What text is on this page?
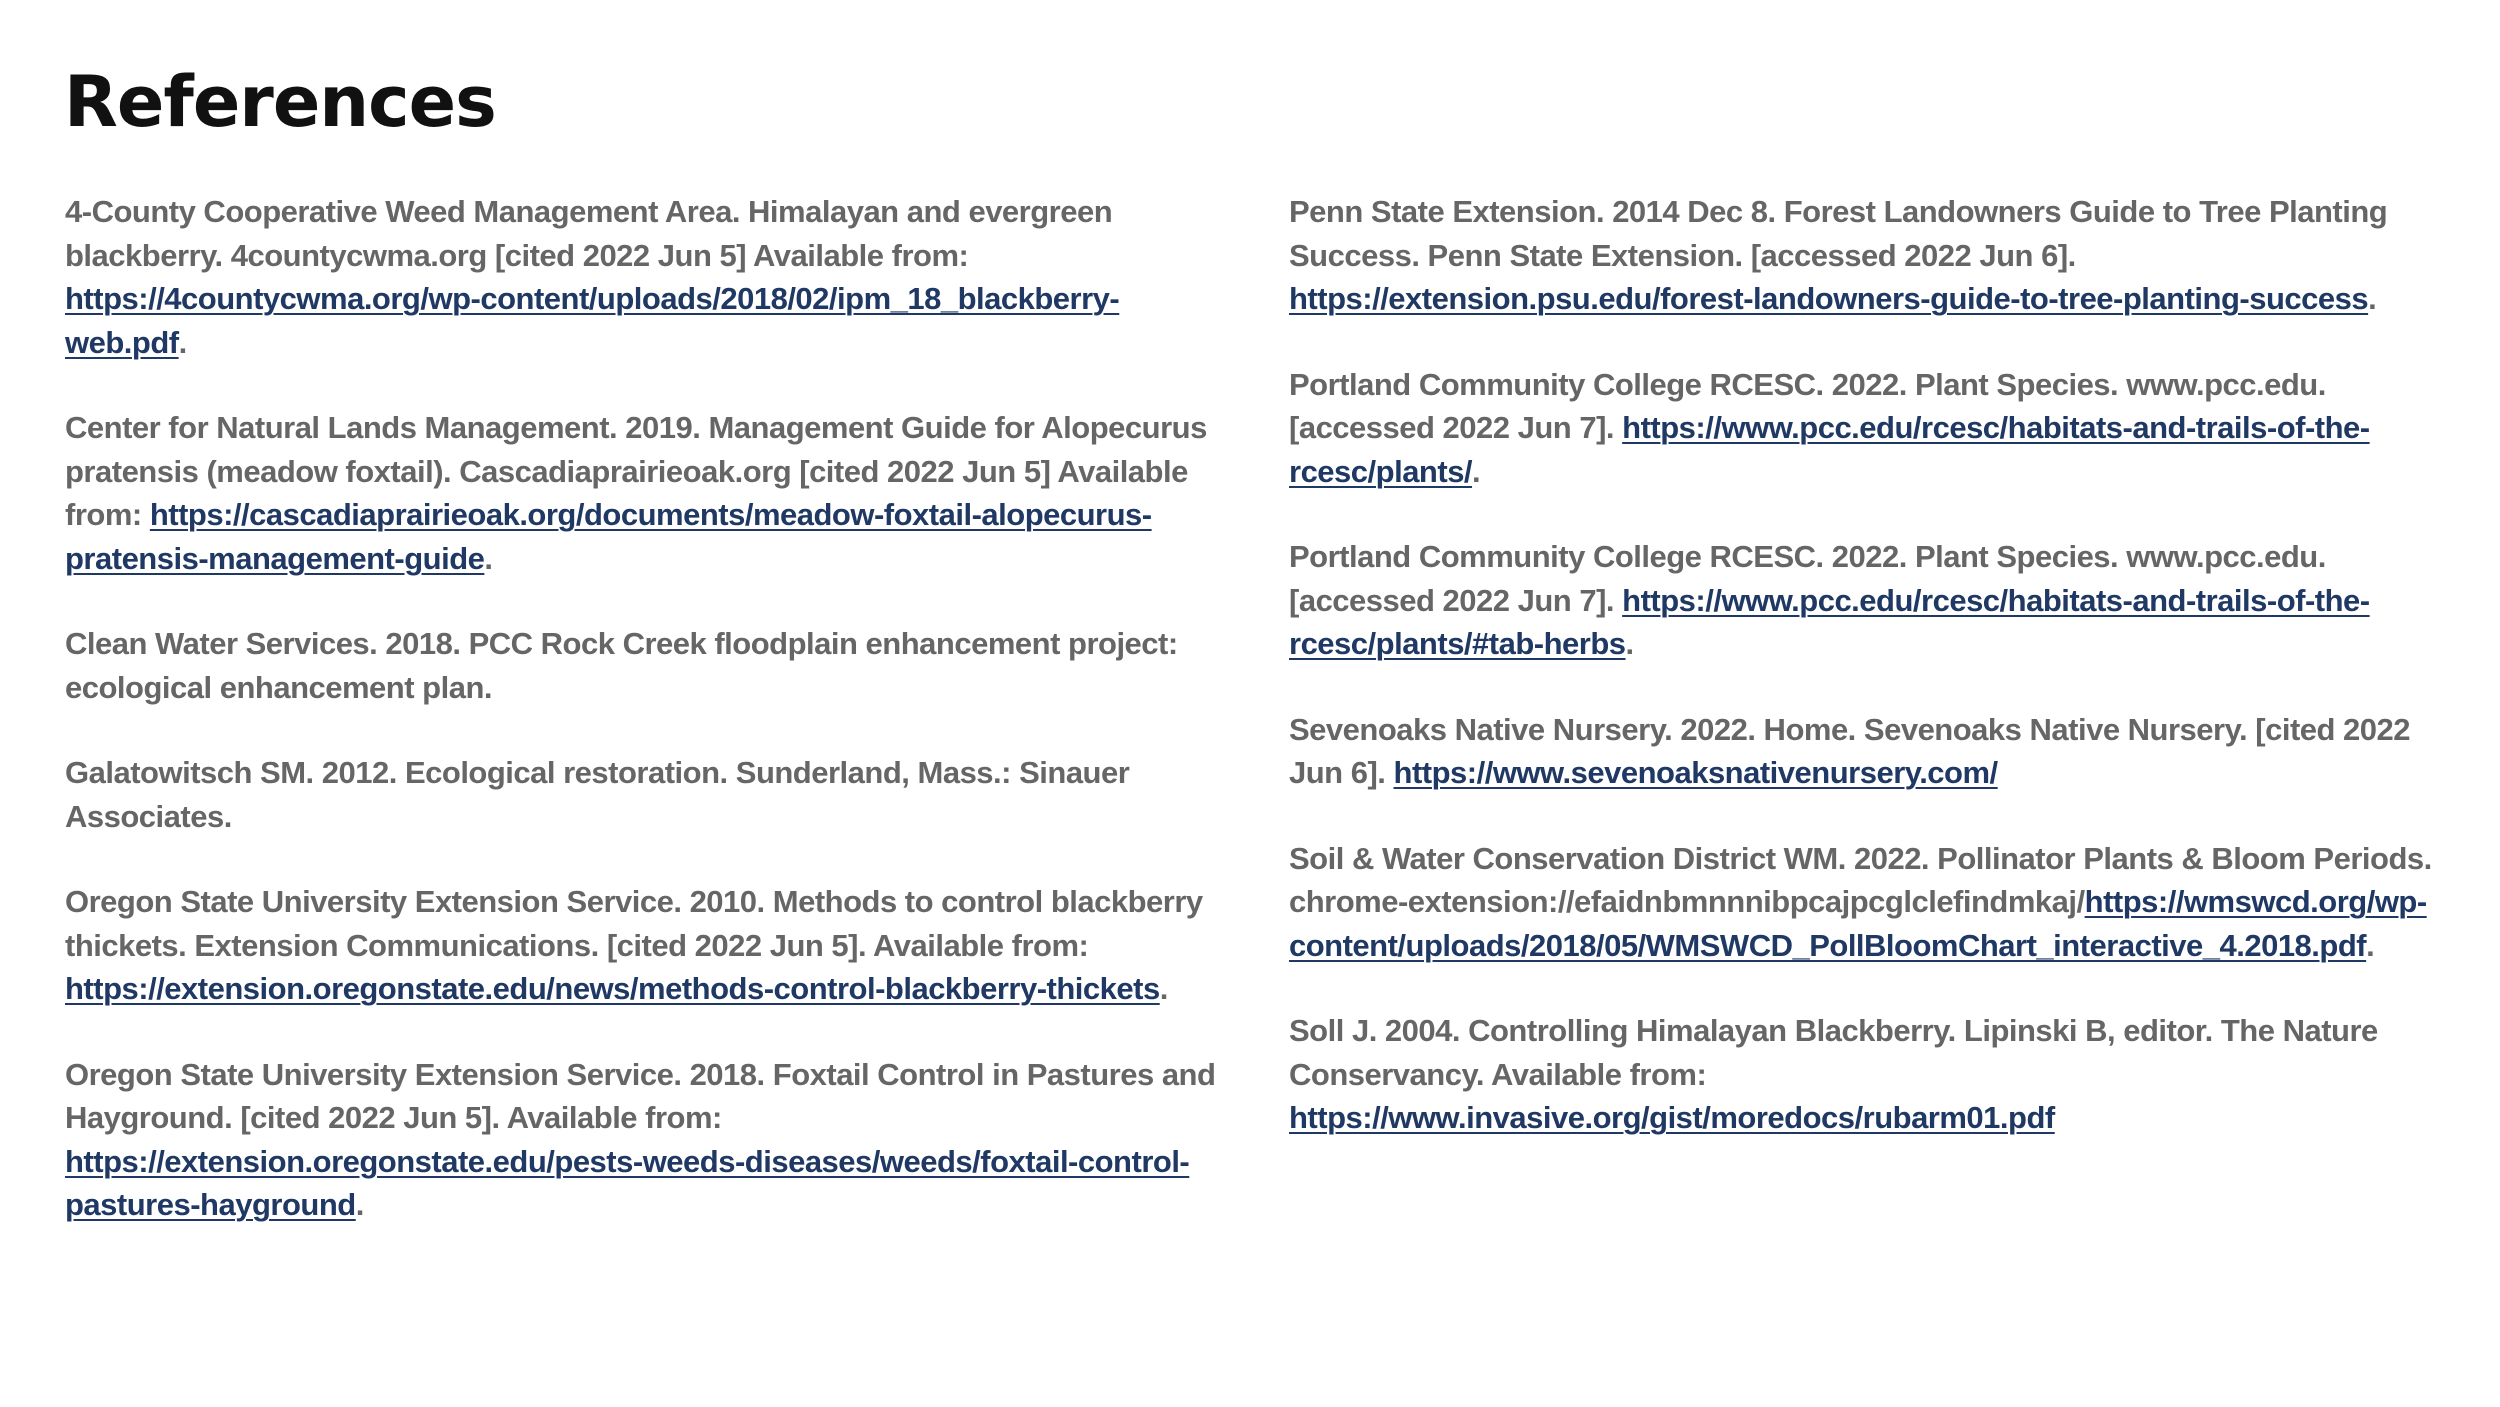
References

4-County Cooperative Weed Management Area. Himalayan and evergreen blackberry. 4countycwma.org [cited 2022 Jun 5] Available from: https://4countycwma.org/wp-content/uploads/2018/02/ipm_18_blackberry-web.pdf.

Center for Natural Lands Management. 2019. Management Guide for Alopecurus pratensis (meadow foxtail). Cascadiaprairieoak.org [cited 2022 Jun 5] Available from: https://cascadiaprairieoak.org/documents/meadow-foxtail-alopecurus-pratensis-management-guide.

Clean Water Services. 2018. PCC Rock Creek floodplain enhancement project: ecological enhancement plan.

Galatowitsch SM. 2012. Ecological restoration. Sunderland, Mass.: Sinauer Associates.

Oregon State University Extension Service. 2010. Methods to control blackberry thickets. Extension Communications. [cited 2022 Jun 5]. Available from: https://extension.oregonstate.edu/news/methods-control-blackberry-thickets.

Oregon State University Extension Service. 2018. Foxtail Control in Pastures and Hayground. [cited 2022 Jun 5]. Available from: https://extension.oregonstate.edu/pests-weeds-diseases/weeds/foxtail-control-pastures-hayground.

Penn State Extension. 2014 Dec 8. Forest Landowners Guide to Tree Planting Success. Penn State Extension. [accessed 2022 Jun 6]. https://extension.psu.edu/forest-landowners-guide-to-tree-planting-success.

Portland Community College RCESC. 2022. Plant Species. www.pcc.edu. [accessed 2022 Jun 7]. https://www.pcc.edu/rcesc/habitats-and-trails-of-the-rcesc/plants/.

Portland Community College RCESC. 2022. Plant Species. www.pcc.edu. [accessed 2022 Jun 7]. https://www.pcc.edu/rcesc/habitats-and-trails-of-the-rcesc/plants/#tab-herbs.

Sevenoaks Native Nursery. 2022. Home. Sevenoaks Native Nursery. [cited 2022 Jun 6]. https://www.sevenoaksnativenursery.com/

Soil & Water Conservation District WM. 2022. Pollinator Plants & Bloom Periods. chrome-extension://efaidnbmnnnibpcajpcglclefindmkaj/https://wmswcd.org/wp-content/uploads/2018/05/WMSWCD_PollBloomChart_interactive_4.2018.pdf.

Soll J. 2004. Controlling Himalayan Blackberry. Lipinski B, editor. The Nature Conservancy. Available from: https://www.invasive.org/gist/moredocs/rubarm01.pdf
